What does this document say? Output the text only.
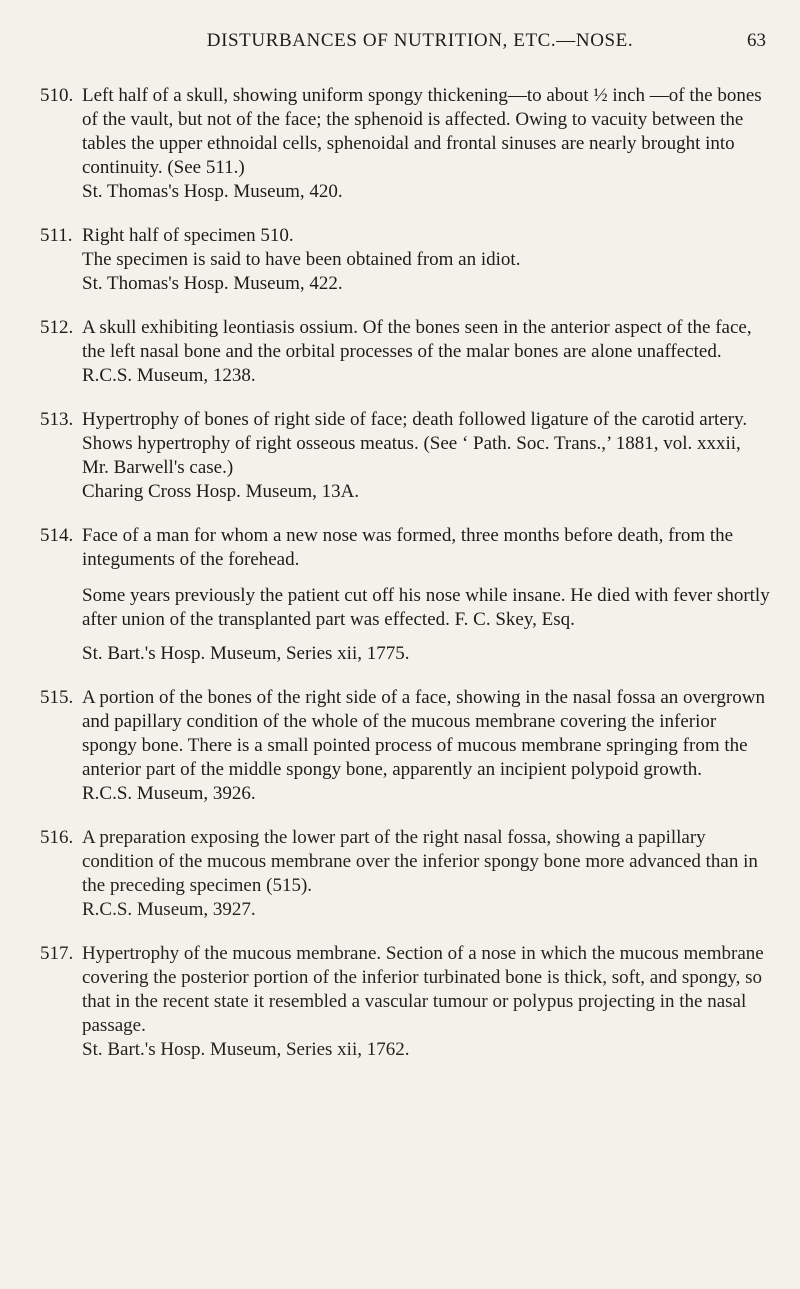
DISTURBANCES OF NUTRITION, ETC.—NOSE.	63
510. Left half of a skull, showing uniform spongy thickening—to about ½ inch —of the bones of the vault, but not of the face; the sphenoid is affected. Owing to vacuity between the tables the upper ethnoidal cells, sphenoidal and frontal sinuses are nearly brought into continuity. (See 511.)

St. Thomas's Hosp. Museum, 420.
511. Right half of specimen 510.

The specimen is said to have been obtained from an idiot.

St. Thomas's Hosp. Museum, 422.
512. A skull exhibiting leontiasis ossium. Of the bones seen in the anterior aspect of the face, the left nasal bone and the orbital processes of the malar bones are alone unaffected.

R.C.S. Museum, 1238.
513. Hypertrophy of bones of right side of face; death followed ligature of the carotid artery. Shows hypertrophy of right osseous meatus. (See ‘ Path. Soc. Trans.,’ 1881, vol. xxxii, Mr. Barwell's case.)

Charing Cross Hosp. Museum, 13A.
514. Face of a man for whom a new nose was formed, three months before death, from the integuments of the forehead.

Some years previously the patient cut off his nose while insane. He died with fever shortly after union of the transplanted part was effected. F. C. Skey, Esq.

St. Bart.'s Hosp. Museum, Series xii, 1775.
515. A portion of the bones of the right side of a face, showing in the nasal fossa an overgrown and papillary condition of the whole of the mucous membrane covering the inferior spongy bone. There is a small pointed process of mucous membrane springing from the anterior part of the middle spongy bone, apparently an incipient polypoid growth.

R.C.S. Museum, 3926.
516. A preparation exposing the lower part of the right nasal fossa, showing a papillary condition of the mucous membrane over the inferior spongy bone more advanced than in the preceding specimen (515).

R.C.S. Museum, 3927.
517. Hypertrophy of the mucous membrane. Section of a nose in which the mucous membrane covering the posterior portion of the inferior turbinated bone is thick, soft, and spongy, so that in the recent state it resembled a vascular tumour or polypus projecting in the nasal passage.

St. Bart.'s Hosp. Museum, Series xii, 1762.
